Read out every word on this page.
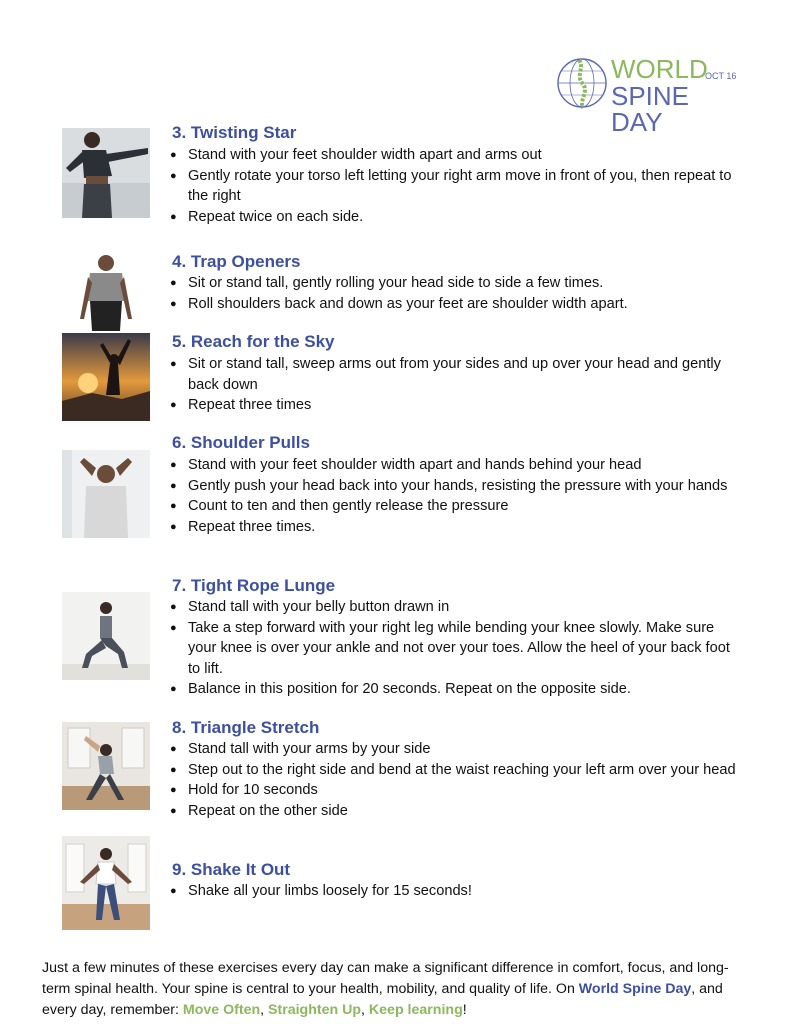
WORLD
OCT 16
SPINE DAY
3. Twisting Star
● Stand with your feet shoulder width apart and arms out
● Gently rotate your torso left letting your right arm move in front of you, then repeat to the right
● Repeat twice on each side.
4. Trap Openers
● Sit or stand tall, gently rolling your head side to side a few times.
● Roll shoulders back and down as your feet are shoulder width apart.
5. Reach for the Sky
● Sit or stand tall, sweep arms out from your sides and up over your head and gently back down
● Repeat three times
6. Shoulder Pulls
● Stand with your feet shoulder width apart and hands behind your head
● Gently push your head back into your hands, resisting the pressure with your hands
● Count to ten and then gently release the pressure
● Repeat three times.
7. Tight Rope Lunge
● Stand tall with your belly button drawn in
● Take a step forward with your right leg while bending your knee slowly. Make sure your knee is over your ankle and not over your toes. Allow the heel of your back foot to lift.
● Balance in this position for 20 seconds. Repeat on the opposite side.
8. Triangle Stretch
● Stand tall with your arms by your side
● Step out to the right side and bend at the waist reaching your left arm over your head
● Hold for 10 seconds
● Repeat on the other side
9. Shake It Out
● Shake all your limbs loosely for 15 seconds!

Just a few minutes of these exercises every day can make a significant difference in comfort, focus, and long-term spinal health. Your spine is central to your health, mobility, and quality of life. On World Spine Day, and every day, remember: Move Often, Straighten Up, Keep learning!
